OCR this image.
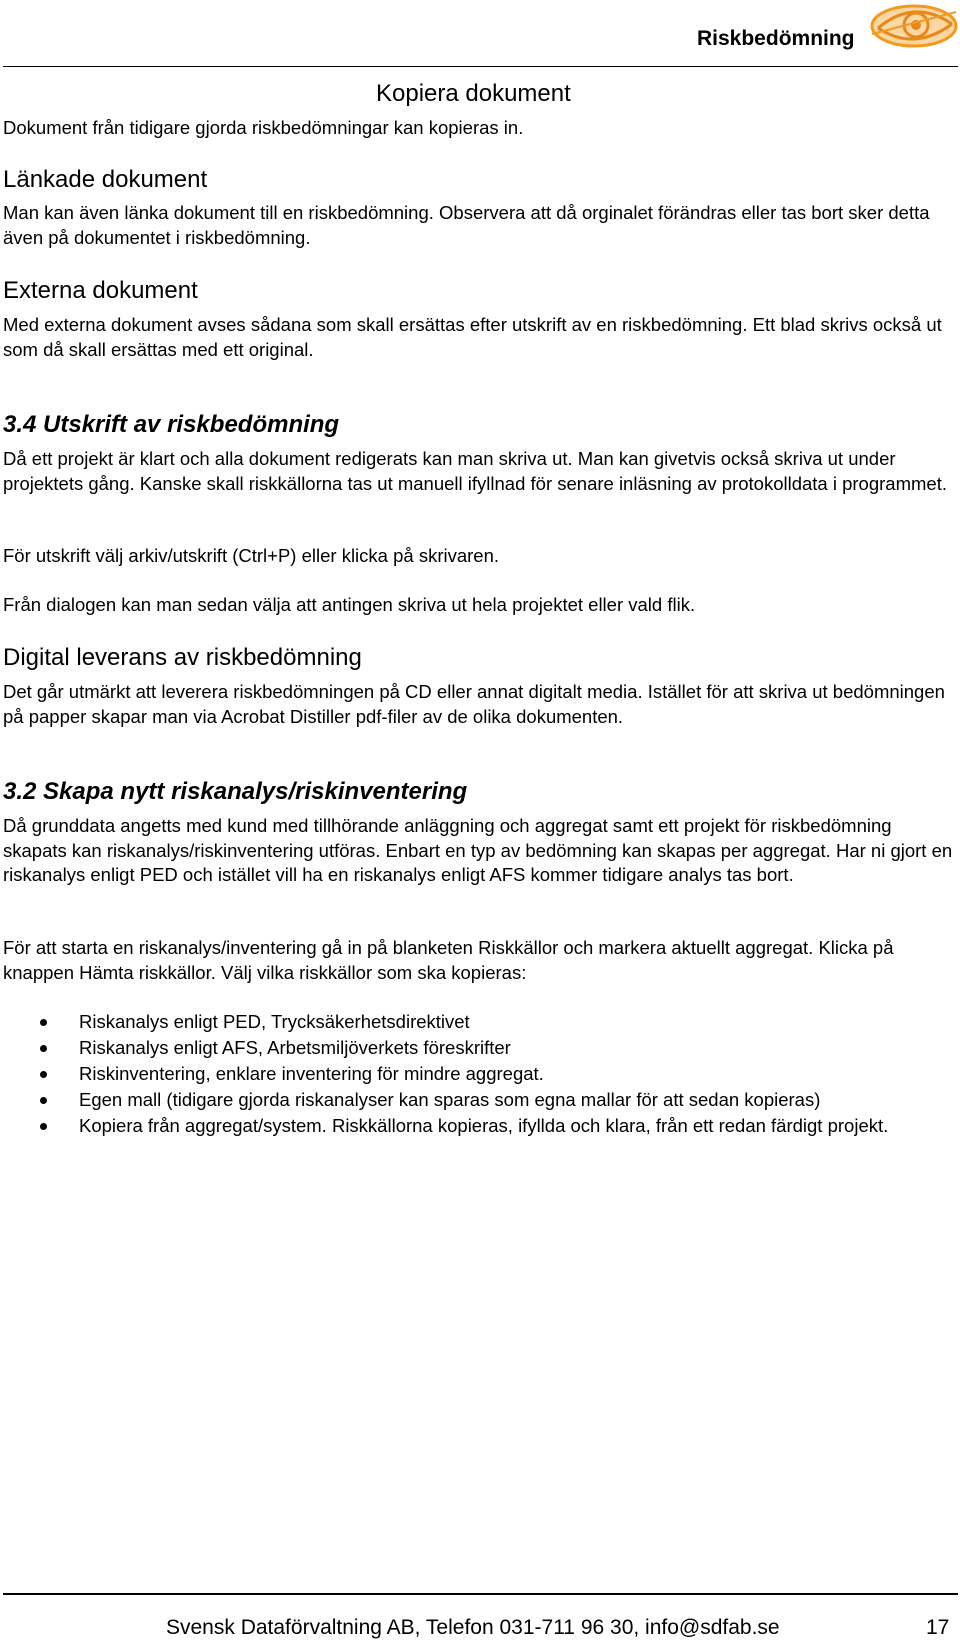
Riskbedömning
Kopiera dokument
Dokument från tidigare gjorda riskbedömningar kan kopieras in.
Länkade dokument
Man kan även länka dokument till en riskbedömning. Observera att då orginalet förändras eller tas bort sker detta även på dokumentet i riskbedömning.
Externa dokument
Med externa dokument avses sådana som skall ersättas efter utskrift av en riskbedömning. Ett blad skrivs också ut som då skall ersättas med ett original.
3.4 Utskrift av riskbedömning
Då ett projekt är klart och alla dokument redigerats kan man skriva ut. Man kan givetvis också skriva ut under projektets gång. Kanske skall riskkällorna tas ut manuell ifyllnad för senare inläsning av protokolldata i programmet.
För utskrift välj arkiv/utskrift (Ctrl+P) eller klicka på skrivaren.
Från dialogen kan man sedan välja att antingen skriva ut hela projektet eller vald flik.
Digital leverans av riskbedömning
Det går utmärkt att leverera riskbedömningen på CD eller annat digitalt media. Istället för att skriva ut bedömningen på papper skapar man via Acrobat Distiller pdf-filer av de olika dokumenten.
3.2 Skapa nytt riskanalys/riskinventering
Då grunddata angetts med kund med tillhörande anläggning och aggregat samt ett projekt för riskbedömning skapats kan riskanalys/riskinventering utföras. Enbart en typ av bedömning kan skapas per aggregat. Har ni gjort en riskanalys enligt PED och istället vill ha en riskanalys enligt AFS kommer tidigare analys tas bort.
För att starta en riskanalys/inventering gå in på blanketen Riskkällor och markera aktuellt aggregat. Klicka på knappen Hämta riskkällor. Välj vilka riskkällor som ska kopieras:
Riskanalys enligt PED, Trycksäkerhetsdirektivet
Riskanalys enligt AFS, Arbetsmiljöverkets föreskrifter
Riskinventering, enklare inventering för mindre aggregat.
Egen mall (tidigare gjorda riskanalyser kan sparas som egna mallar för att sedan kopieras)
Kopiera från aggregat/system. Riskkällorna kopieras, ifyllda och klara, från ett redan färdigt projekt.
Svensk Dataförvaltning AB, Telefon 031-711 96 30, info@sdfab.se	17
